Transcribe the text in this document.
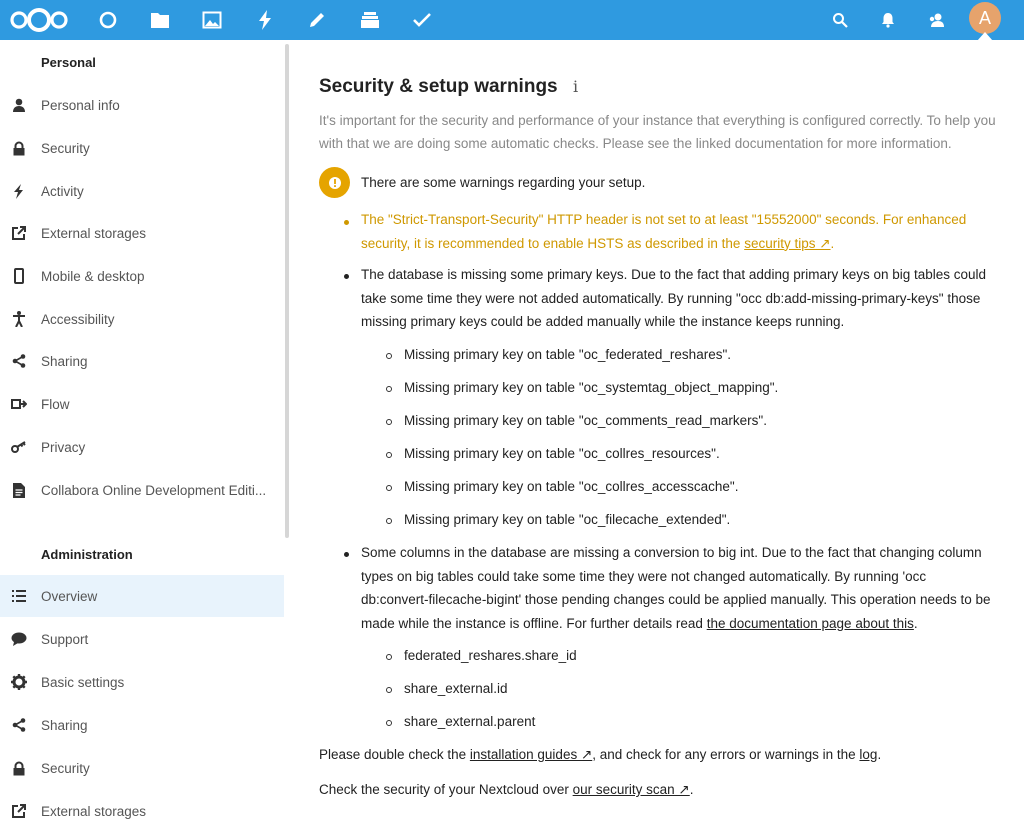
A
Personal
Personal info
Security
Activity
External storages
Mobile & desktop
Accessibility
Sharing
Flow
Privacy
Collabora Online Development Editi...
Administration
Overview
Support
Basic settings
Sharing
Security
External storages
Security & setup warnings i
It's important for the security and performance of your instance that everything is configured correctly. To help you with that we are doing some automatic checks. Please see the linked documentation for more information.
There are some warnings regarding your setup.
The "Strict-Transport-Security" HTTP header is not set to at least "15552000" seconds. For enhanced security, it is recommended to enable HSTS as described in the security tips ↗.
The database is missing some primary keys. Due to the fact that adding primary keys on big tables could take some time they were not added automatically. By running "occ db:add-missing-primary-keys" those missing primary keys could be added manually while the instance keeps running.
Missing primary key on table "oc_federated_reshares".
Missing primary key on table "oc_systemtag_object_mapping".
Missing primary key on table "oc_comments_read_markers".
Missing primary key on table "oc_collres_resources".
Missing primary key on table "oc_collres_accesscache".
Missing primary key on table "oc_filecache_extended".
Some columns in the database are missing a conversion to big int. Due to the fact that changing column types on big tables could take some time they were not changed automatically. By running 'occ db:convert-filecache-bigint' those pending changes could be applied manually. This operation needs to be made while the instance is offline. For further details read the documentation page about this.
federated_reshares.share_id
share_external.id
share_external.parent
Please double check the installation guides ↗, and check for any errors or warnings in the log.
Check the security of your Nextcloud over our security scan ↗.
